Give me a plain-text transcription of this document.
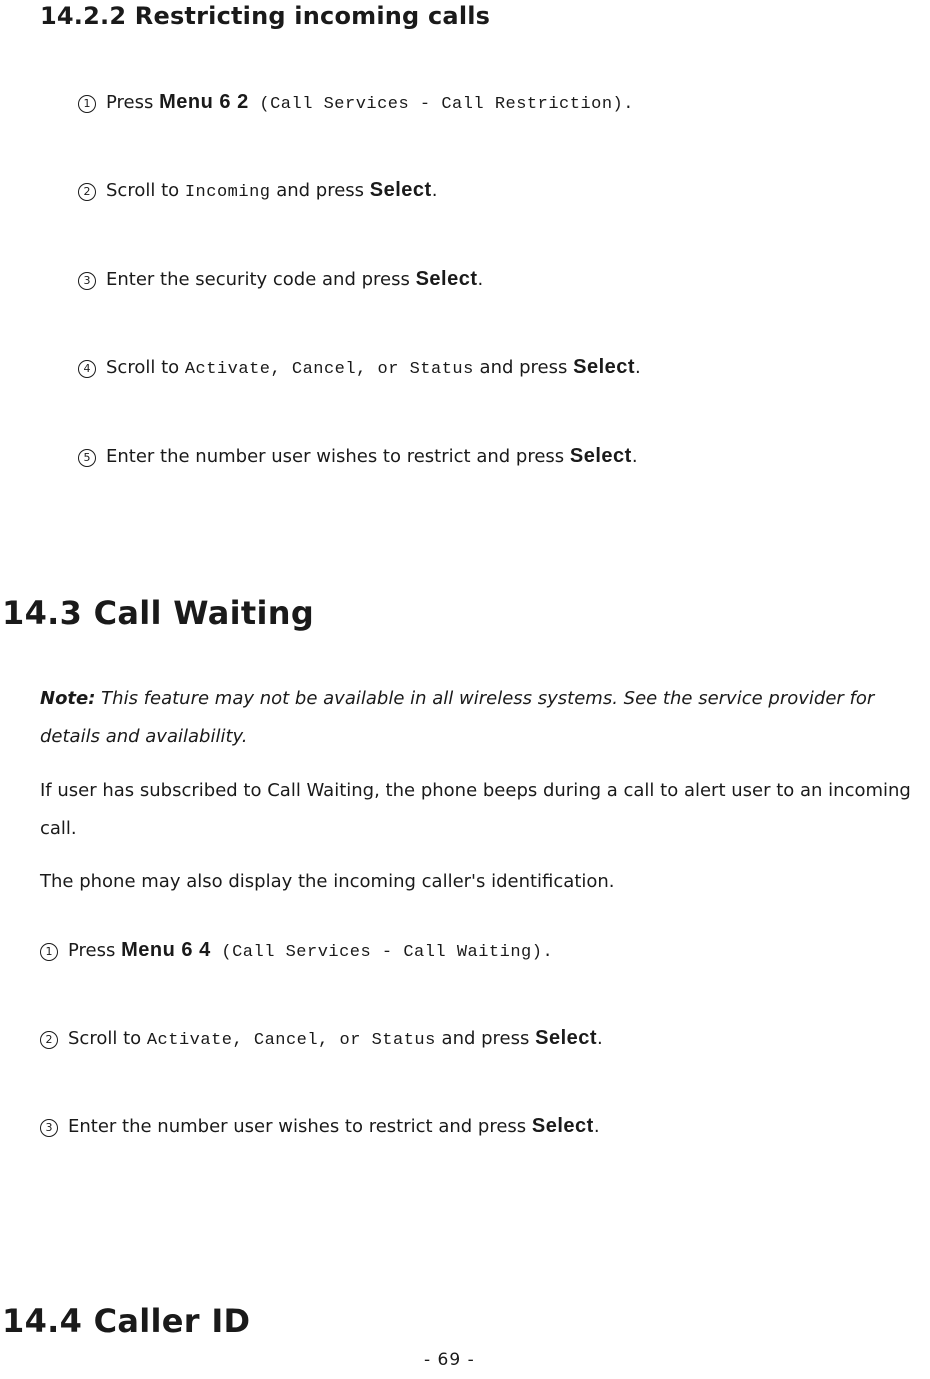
14.2.2 Restricting incoming calls
1 Press Menu 6 2 (Call Services - Call Restriction).
2 Scroll to Incoming and press Select.
3 Enter the security code and press Select.
4 Scroll to Activate, Cancel, or Status and press Select.
5 Enter the number user wishes to restrict and press Select.
14.3 Call Waiting
Note: This feature may not be available in all wireless systems. See the service provider for details and availability.
If user has subscribed to Call Waiting, the phone beeps during a call to alert user to an incoming call.
The phone may also display the incoming caller's identification.
1 Press Menu 6 4 (Call Services - Call Waiting).
2 Scroll to Activate, Cancel, or Status and press Select.
3 Enter the number user wishes to restrict and press Select.
14.4 Caller ID
- 69 -
